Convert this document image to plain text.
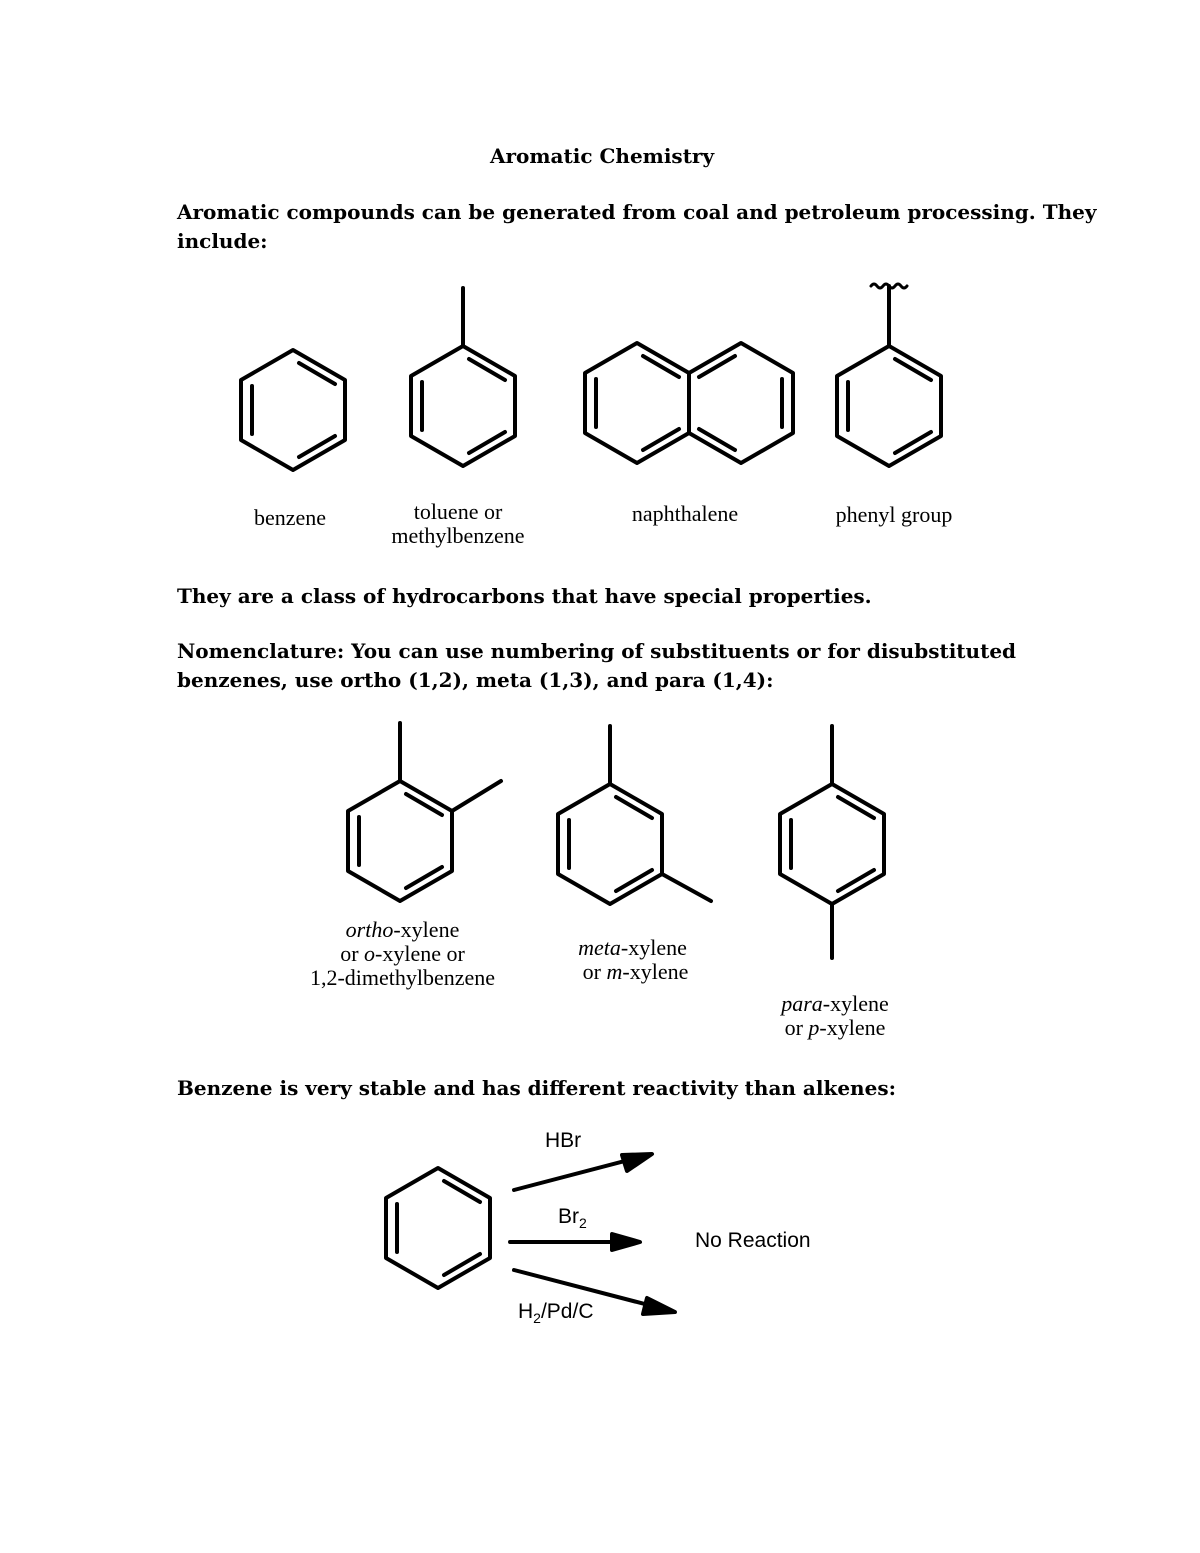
Aromatic Chemistry
Aromatic compounds can be generated from coal and petroleum processing. They
include:
benzene	toluene or
methylbenzene
naphthalene	phenyl group
They are a class of hydrocarbons that have special properties.
Nomenclature: You can use numbering of substituents or for disubstituted
benzenes, use ortho (1,2), meta (1,3), and para (1,4):
ortho-xylene
or o-xylene or
1,2-dimethylbenzene
meta-xylene
or m-xylene
para-xylene
or p-xylene
Benzene is very stable and has different reactivity than alkenes:
HBr
$Br_2$
$H_2/Pd/C$
No Reaction
